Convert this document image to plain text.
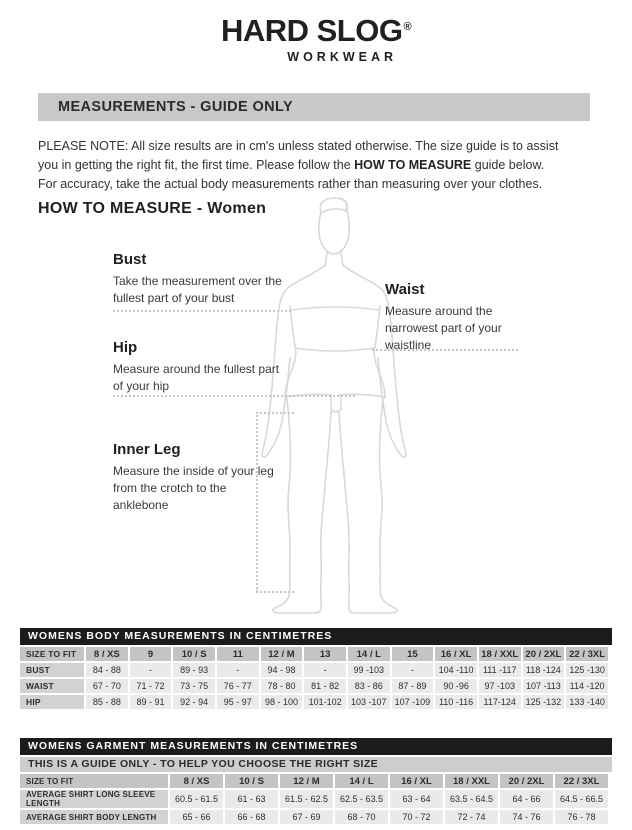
HARD SLOG®
WORKWEAR
MEASUREMENTS - GUIDE ONLY

PLEASE NOTE: All size results are in cm's unless stated otherwise. The size guide is to assist you in getting the right fit, the first time. Please follow the HOW TO MEASURE guide below. For accuracy, take the actual body measurements rather than measuring over your clothes.

HOW TO MEASURE - Women
Bust
Take the measurement over the fullest part of your bust	Waist
Measure around the narrowest part of your waistline
Hip
Measure around the fullest part of your hip
Inner Leg
Measure the inside of your leg from the crotch to the anklebone
WOMENS BODY MEASUREMENTS IN CENTIMETRES
SIZE TO FIT	8 / XS	9	10 / S	11	12 / M	13	14 / L	15	16 / XL	18 / XXL	20 / 2XL	22 / 3XL
BUST	84 - 88	-	89 - 93	-	94 - 98	-	99 -103	-	104 -110	111 -117	118 -124	125 -130
WAIST	67 - 70	71 - 72	73 - 75	76 - 77	78 - 80	81 - 82	83 - 86	87 - 89	90 -96	97 -103	107 -113	114 -120
HIP	85 - 88	89 - 91	92 - 94	95 - 97	98 - 100	101-102	103 -107	107 -109	110 -116	117-124	125 -132	133 -140
WOMENS GARMENT MEASUREMENTS IN CENTIMETRES
THIS IS A GUIDE ONLY - TO HELP YOU CHOOSE THE RIGHT SIZE
SIZE TO FIT	8 / XS	10 / S	12 / M	14 / L	16 / XL	18 / XXL	20 / 2XL	22 / 3XL
AVERAGE SHIRT LONG SLEEVE LENGTH	60.5 - 61.5	61 - 63	61.5 - 62.5	62.5 - 63.5	63 - 64	63.5 - 64.5	64 - 66	64.5 - 66.5
AVERAGE SHIRT BODY LENGTH	65 - 66	66 - 68	67 - 69	68 - 70	70 - 72	72 - 74	74 - 76	76 - 78
